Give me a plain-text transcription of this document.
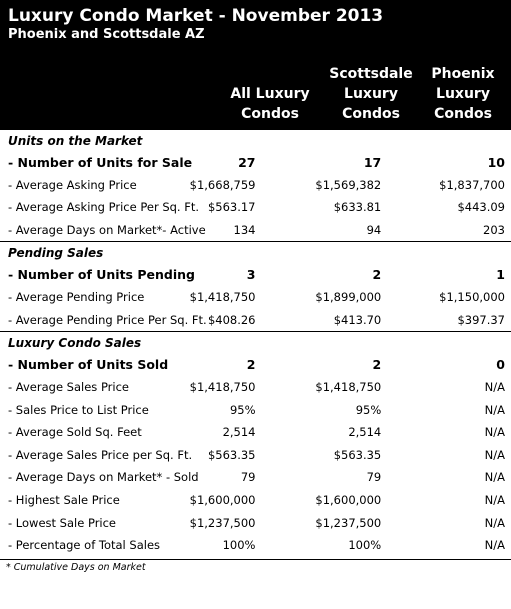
Luxury Condo Market - November 2013
Phoenix and Scottsdale AZ
All Luxury
Condos
Scottsdale
Luxury
Condos
Phoenix
Luxury
Condos
Units on the Market			
- Number of Units for Sale	27	17	10
- Average Asking Price	$1,668,759	$1,569,382	$1,837,700
- Average Asking Price Per Sq. Ft.	$563.17	$633.81	$443.09
- Average Days on Market*- Active	134	94	203
Pending Sales			
- Number of Units Pending	3	2	1
- Average Pending Price	$1,418,750	$1,899,000	$1,150,000
- Average Pending Price Per Sq. Ft.	$408.26	$413.70	$397.37
Luxury Condo Sales			
- Number of Units Sold	2	2	0
- Average Sales Price	$1,418,750	$1,418,750	N/A
- Sales Price to List Price	95%	95%	N/A
- Average Sold Sq. Feet	2,514	2,514	N/A
- Average Sales Price per Sq. Ft.	$563.35	$563.35	N/A
- Average Days on Market* - Sold	79	79	N/A
- Highest Sale Price	$1,600,000	$1,600,000	N/A
- Lowest Sale Price	$1,237,500	$1,237,500	N/A
- Percentage of Total Sales	100%	100%	N/A
* Cumulative Days on Market
